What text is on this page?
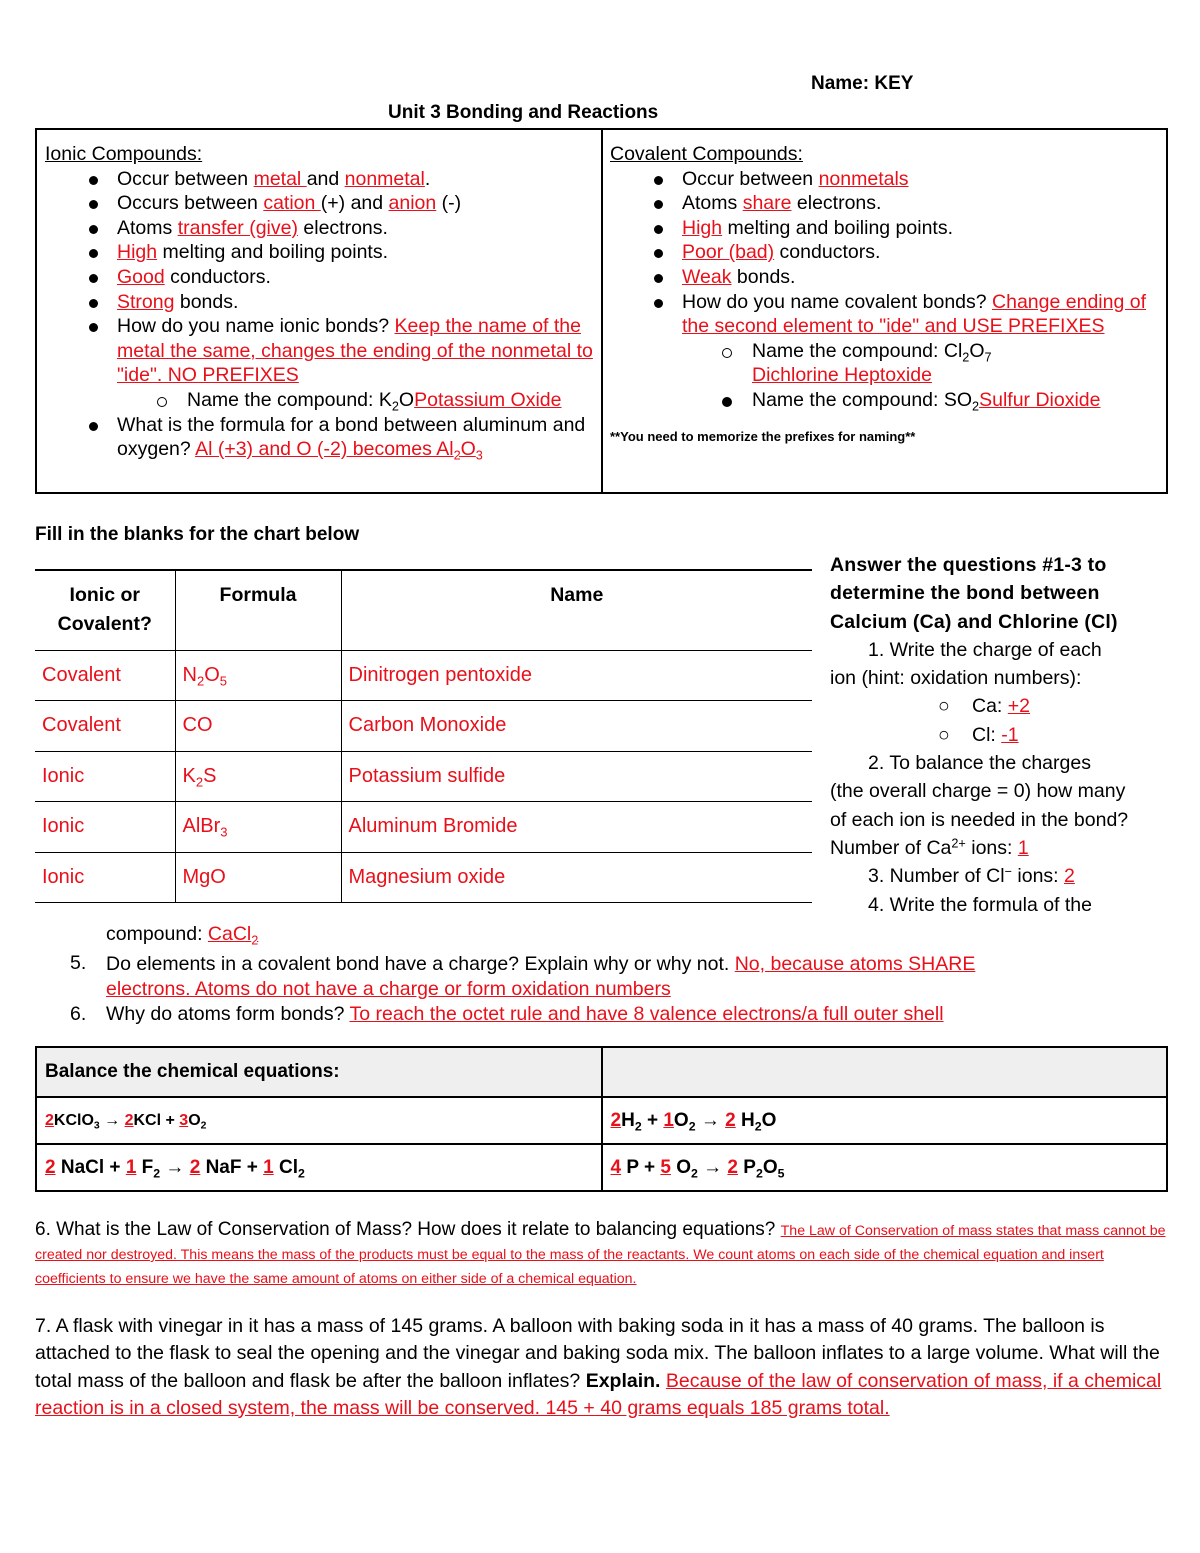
Name: KEY
Unit 3 Bonding and Reactions
Ionic Compounds:
Occur between metal and nonmetal.
Occurs between cation (+) and anion (-)
Atoms transfer (give) electrons.
High melting and boiling points.
Good conductors.
Strong bonds.
How do you name ionic bonds? Keep the name of the metal the same, changes the ending of the nonmetal to "ide". NO PREFIXES
Name the compound: $K_2OPotassium$ Oxide
What is the formula for a bond between aluminum and oxygen? Al (+3) and O (-2) becomes $Al_2O_3$
Covalent Compounds:
Occur between nonmetals
Atoms share electrons.
High melting and boiling points.
Poor (bad) conductors.
Weak bonds.
How do you name covalent bonds? Change ending of the second element to "ide" and USE PREFIXES
Name the compound: $Cl_2O_7$
Dichlorine Heptoxide
Name the compound: $SO_2Sulfur$ Dioxide
**You need to memorize the prefixes for naming**
Fill in the blanks for the chart below
Ionic or Covalent?	Formula	Name
Covalent	$N_2O_5$	Dinitrogen pentoxide
Covalent	CO	Carbon Monoxide
Ionic	$K_2S$	Potassium sulfide
Ionic	AlBr$_3$	Aluminum Bromide
Ionic	MgO	Magnesium oxide
Answer the questions #1-3 to determine the bond between Calcium (Ca) and Chlorine (Cl)
1. Write the charge of each
ion (hint: oxidation numbers):
○ Ca: +2
○ Cl: -1
2. To balance the charges
(the overall charge = 0) how many
of each ion is needed in the bond?
Number of $Ca^{2+}$ ions: 1
3. Number of Cl− ions: 2
4. Write the formula of the
compound: CaCl$_2$
5. Do elements in a covalent bond have a charge? Explain why or why not. No, because atoms SHARE
electrons. Atoms do not have a charge or form oxidation numbers
6. Why do atoms form bonds? To reach the octet rule and have 8 valence electrons/a full outer shell
Balance the chemical equations:	
2KClO$_3$ → $2KCl + 3O_2$	$2H_2 + 1O_2 \to 2$ $H_2O$
2 NaCl + 1 $F_2 \to 2$ NaF + 1 $Cl_2$	4 P + 5 $O_2 \to 2$ $P_2O_5$
6. What is the Law of Conservation of Mass? How does it relate to balancing equations? The Law of Conservation of mass states that mass cannot be created nor destroyed. This means the mass of the products must be equal to the mass of the reactants. We count atoms on each side of the chemical equation and insert coefficients to ensure we have the same amount of atoms on either side of a chemical equation.
7. A flask with vinegar in it has a mass of 145 grams. A balloon with baking soda in it has a mass of 40 grams. The balloon is attached to the flask to seal the opening and the vinegar and baking soda mix. The balloon inflates to a large volume. What will the total mass of the balloon and flask be after the balloon inflates? Explain. Because of the law of conservation of mass, if a chemical reaction is in a closed system, the mass will be conserved. 145 + 40 grams equals 185 grams total.
